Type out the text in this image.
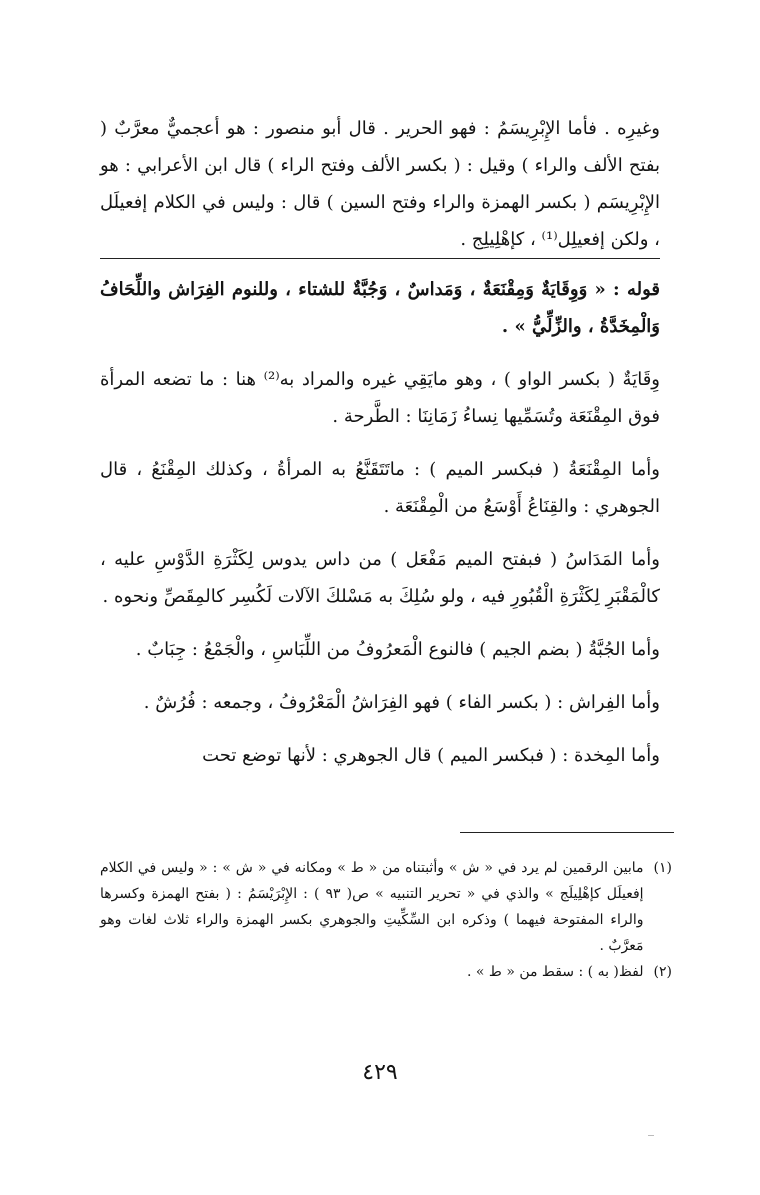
وغيرِه . فأما الإِبْرِيسَمُ : فهو الحرير . قال أبو منصور : هو أعجميٌّ معرَّبٌ ( بفتح الألف والراء ) وقيل : ( بكسر الألف وفتح الراء ) قال ابن الأعرابي : هو الإِبْرِيسَم ( بكسر الهمزة والراء وفتح السين ) قال : وليس في الكلام إفعيلَل ، ولكن إفعيلِل⁽¹⁾ ، كإهْلِيلِج .

قوله : « وَوِقَايَةٌ وَمِقْنَعَةٌ ، وَمَداسٌ ، وَجُبَّةٌ للشتاء ، وللنوم الفِرَاش واللِّحَافُ وَالْمِخَدَّةُ ، والزِّلِّيُّ » .

وِقَايَةٌ ( بكسر الواو ) ، وهو مايَقِي غيره والمراد به⁽²⁾ هنا : ما تضعه المرأة فوق المِقْنَعَة وتُسَمِّيها نِساءُ زَمَانِنَا : الطَّرحة .

وأما المِقْنَعَةُ ( فبكسر الميم ) : ماتَتَقَنَّعُ به المرأةُ ، وكذلك المِقْنَعُ ، قال الجوهري : والقِنَاعُ أَوْسَعُ من الْمِقْنَعَة .

وأما المَدَاسُ ( فبفتح الميم مَفْعَل ) من داس يدوس لِكَثْرَةِ الدَّوْسِ عليه ، كالْمَقْبَرِ لِكَثْرَةِ الْقُبُورِ فيه ، ولو سُلِكَ به مَسْلكَ الآلات لَكُسِر كالمِقَصِّ ونحوه .

وأما الجُبَّةُ ( بضم الجيم ) فالنوع الْمَعرُوفُ من اللِّبَاسِ ، والْجَمْعُ : جِبَابٌ .

وأما الفِراش : ( بكسر الفاء ) فهو الفِرَاشُ الْمَعْرُوفُ ، وجمعه : فُرُشٌ .

وأما المِخدة : ( فبكسر الميم ) قال الجوهري : لأنها توضع تحت

(١)
مابين الرقمين لم يرد في « ش » وأثبتناه من « ط » ومكانه في « ش » : « وليس في الكلام إفعيلَل كإهْلِيلَج » والذي في « تحرير التنبيه » ص( ٩٣ ) : الإِبْرَيْسَمُ : ( بفتح الهمزة وكسرها والراء المفتوحة فيهما ) وذكره ابن السِّكِّيتِ والجوهري بكسر الهمزة والراء ثلاث لغات وهو مَعرَّبٌ .
(٢)
لفظ( به ) : سقط من « ط » .
٤٢٩
